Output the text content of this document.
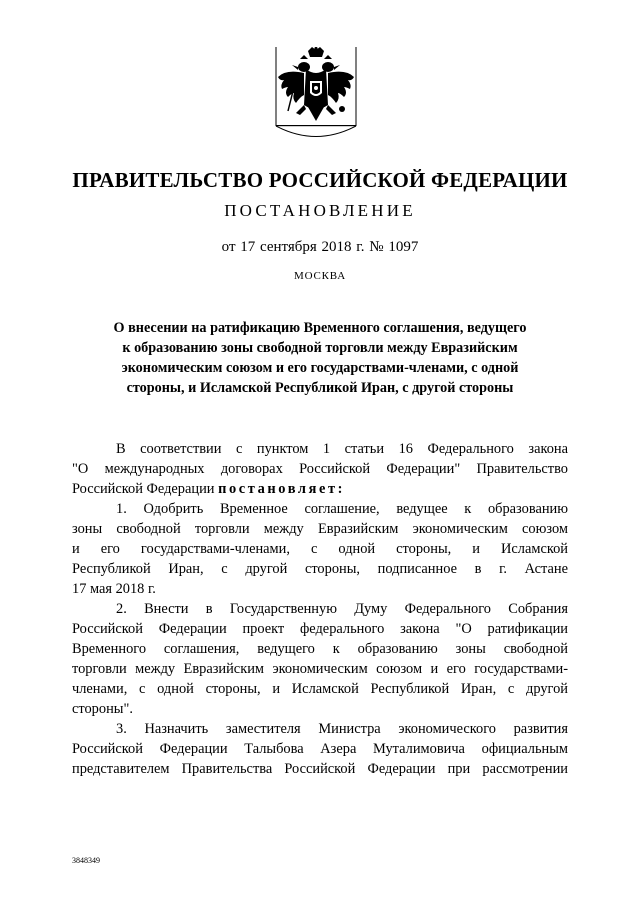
ПРАВИТЕЛЬСТВО РОССИЙСКОЙ ФЕДЕРАЦИИ
ПОСТАНОВЛЕНИЕ
от 17 сентября 2018 г. № 1097
МОСКВА
О внесении на ратификацию Временного соглашения, ведущего
к образованию зоны свободной торговли между Евразийским
экономическим союзом и его государствами-членами, с одной
стороны, и Исламской Республикой Иран, с другой стороны
В соответствии с пунктом 1 статьи 16 Федерального закона
"О международных договорах Российской Федерации" Правительство
Российской Федерации постановляет:
1. Одобрить Временное соглашение, ведущее к образованию
зоны свободной торговли между Евразийским экономическим союзом
и его государствами-членами, с одной стороны, и Исламской
Республикой Иран, с другой стороны, подписанное в г. Астане
17 мая 2018 г.
2. Внести в Государственную Думу Федерального Собрания
Российской Федерации проект федерального закона "О ратификации
Временного соглашения, ведущего к образованию зоны свободной
торговли между Евразийским экономическим союзом и его государствами-
членами, с одной стороны, и Исламской Республикой Иран, с другой
стороны".
3. Назначить заместителя Министра экономического развития
Российской Федерации Талыбова Азера Муталимовича официальным
представителем Правительства Российской Федерации при рассмотрении
3848349
